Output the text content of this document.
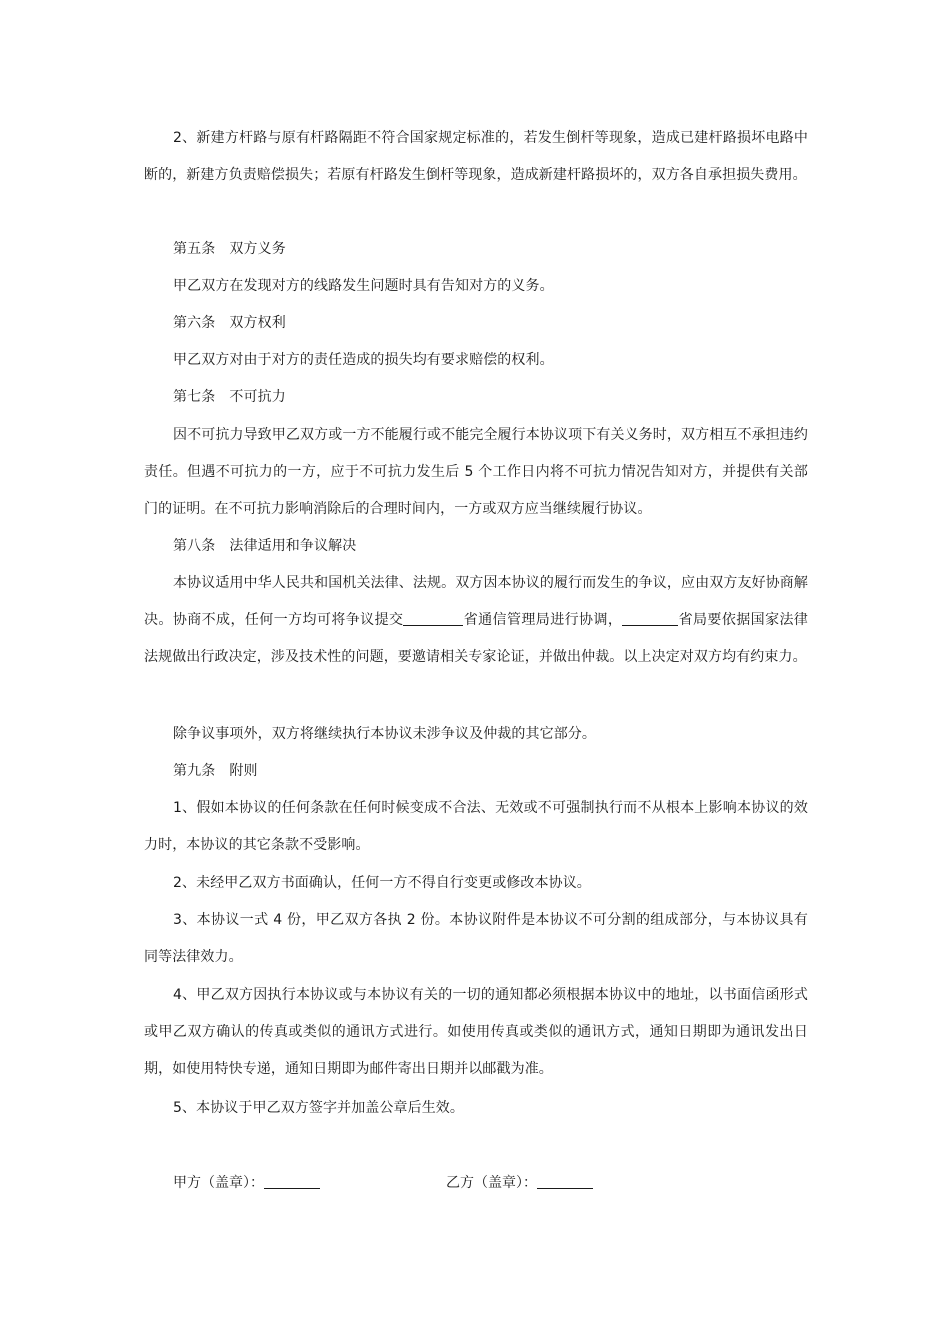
2、新建方杆路与原有杆路隔距不符合国家规定标准的，若发生倒杆等现象，造成已建杆路损坏电路中断的，新建方负责赔偿损失；若原有杆路发生倒杆等现象，造成新建杆路损坏的，双方各自承担损失费用。

第五条　双方义务

甲乙双方在发现对方的线路发生问题时具有告知对方的义务。

第六条　双方权利

甲乙双方对由于对方的责任造成的损失均有要求赔偿的权利。

第七条　不可抗力

因不可抗力导致甲乙双方或一方不能履行或不能完全履行本协议项下有关义务时，双方相互不承担违约责任。但遇不可抗力的一方，应于不可抗力发生后 5 个工作日内将不可抗力情况告知对方，并提供有关部门的证明。在不可抗力影响消除后的合理时间内，一方或双方应当继续履行协议。

第八条　法律适用和争议解决

本协议适用中华人民共和国机关法律、法规。双方因本协议的履行而发生的争议，应由双方友好协商解决。协商不成，任何一方均可将争议提交	省通信管理局进行协调，	省局要依据国家法律法规做出行政决定，涉及技术性的问题，要邀请相关专家论证，并做出仲裁。以上决定对双方均有约束力。

除争议事项外，双方将继续执行本协议未涉争议及仲裁的其它部分。

第九条　附则

1、假如本协议的任何条款在任何时候变成不合法、无效或不可强制执行而不从根本上影响本协议的效力时，本协议的其它条款不受影响。

2、未经甲乙双方书面确认，任何一方不得自行变更或修改本协议。

3、本协议一式 4 份，甲乙双方各执 2 份。本协议附件是本协议不可分割的组成部分，与本协议具有同等法律效力。

4、甲乙双方因执行本协议或与本协议有关的一切的通知都必须根据本协议中的地址，以书面信函形式或甲乙双方确认的传真或类似的通讯方式进行。如使用传真或类似的通讯方式，通知日期即为通讯发出日期，如使用特快专递，通知日期即为邮件寄出日期并以邮戳为准。

5、本协议于甲乙双方签字并加盖公章后生效。

甲方（盖章）：	乙方（盖章）：
